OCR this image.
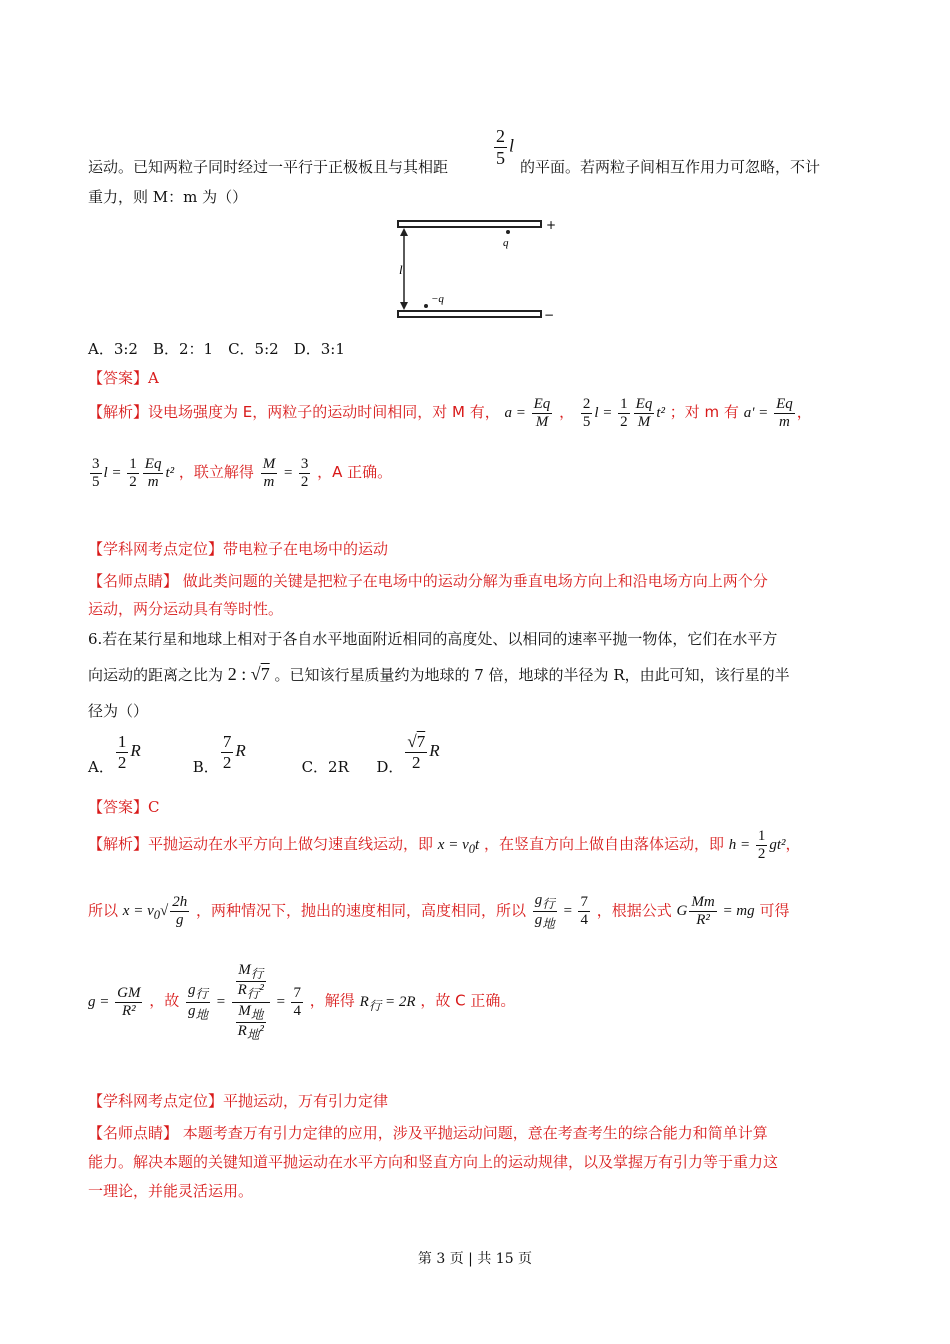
运动。已知两粒子同时经过一平行于正极板且与其相距	$\frac{2}{5}$ l
的平面。若两粒子间相互作用力可忽略，不计
重力，则 M：m 为（）
+
−
l
q
−q
A．3:2　B．2：1　C．5:2　D．3:1
【答案】A
【解析】设电场强度为 E，两粒子的运动时间相同，对 M 有， $a = \frac{Eq}{M}$ ， $\frac{2}{5}$ $l = \frac{1}{2} \frac{Eq}{M} t^2$ ；对 m 有 $a' = \frac{Eq}{m}$ ，
$\frac{3}{5}$ $l = \frac{1}{2} \frac{Eq}{m} t^2$ ，联立解得 $\frac{M}{m} = \frac{3}{2}$ ，A 正确。
【学科网考点定位】带电粒子在电场中的运动
【名师点睛】 做此类问题的关键是把粒子在电场中的运动分解为垂直电场方向上和沿电场方向上两个分
运动，两分运动具有等时性。
6.若在某行星和地球上相对于各自水平地面附近相同的高度处、以相同的速率平抛一物体，它们在水平方
向运动的距离之比为 2 : √7 。已知该行星质量约为地球的 7 倍，地球的半径为 R，由此可知，该行星的半
径为（）
A． $\frac{1}{2}$ R B． $\frac{7}{2}$ R C．2R D． $\frac{√7}{2}$ R
【答案】C
【解析】平抛运动在水平方向上做匀速直线运动，即 $x = v_0t$ ，在竖直方向上做自由落体运动，即 $h = \frac{1}{2} gt^2$，
所以 $x = v_0√ \frac{2h}{g}$ ，两种情况下，抛出的速度相同，高度相同，所以 $\frac{g_行}{g_地} = \frac{7}{4}$ ，根据公式 G $\frac{Mm}{\text{R²}}$ = mg 可得
$g = \frac{GM}{\text{R²}}$ ，故 $\frac{g_行}{g_地} = \frac{\frac{M_行}{R_行^2}}{\frac{M_地}{R_地^2}} = \frac{7}{4}$ ，解得 $R_行 = 2R$ ，故 C 正确。
【学科网考点定位】平抛运动，万有引力定律
【名师点睛】 本题考查万有引力定律的应用，涉及平抛运动问题，意在考查考生的综合能力和简单计算
能力。解决本题的关键知道平抛运动在水平方向和竖直方向上的运动规律，以及掌握万有引力等于重力这
一理论，并能灵活运用。
第 3 页 | 共 15 页
